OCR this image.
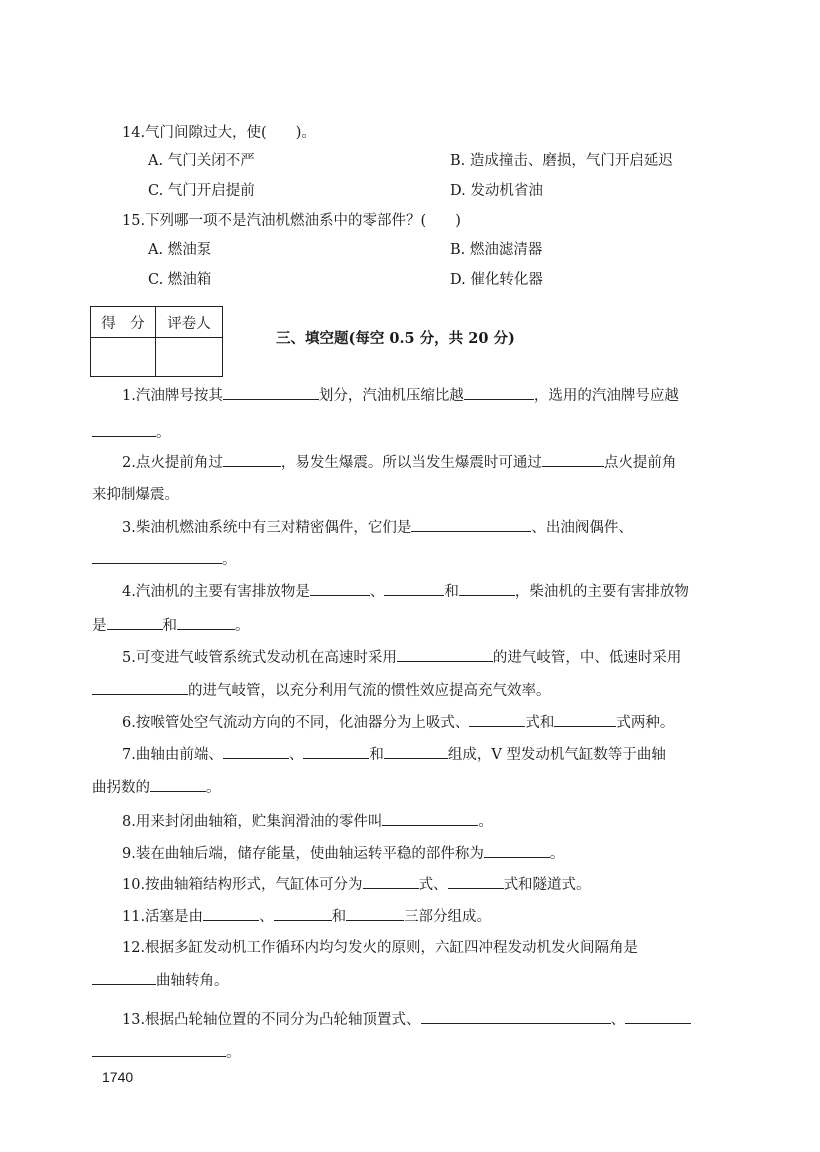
14.气门间隙过大，使(　　)。
A. 气门关闭不严	B. 造成撞击、磨损，气门开启延迟
C. 气门开启提前	D. 发动机省油
15.下列哪一项不是汽油机燃油系中的零部件？(　　)
A. 燃油泵	B. 燃油滤清器
C. 燃油箱	D. 催化转化器
得　分	评卷人

三、填空题(每空 0.5 分，共 20 分)
1.汽油牌号按其	划分，汽油机压缩比越	，选用的汽油牌号应越
。
2.点火提前角过	，易发生爆震。所以当发生爆震时可通过	点火提前角
来抑制爆震。
3.柴油机燃油系统中有三对精密偶件，它们是	、出油阀偶件、
。
4.汽油机的主要有害排放物是	、	和	，柴油机的主要有害排放物
是	和	。
5.可变进气岐管系统式发动机在高速时采用	的进气岐管，中、低速时采用
的进气岐管，以充分利用气流的惯性效应提高充气效率。
6.按喉管处空气流动方向的不同，化油器分为上吸式、	式和	式两种。
7.曲轴由前端、	、	和	组成，V 型发动机气缸数等于曲轴
曲拐数的	。
8.用来封闭曲轴箱，贮集润滑油的零件叫	。
9.装在曲轴后端，储存能量，使曲轴运转平稳的部件称为	。
10.按曲轴箱结构形式，气缸体可分为	式、	式和隧道式。
11.活塞是由	、	和	三部分组成。
12.根据多缸发动机工作循环内均匀发火的原则，六缸四冲程发动机发火间隔角是
曲轴转角。
13.根据凸轮轴位置的不同分为凸轮轴顶置式、	、
。
1740
